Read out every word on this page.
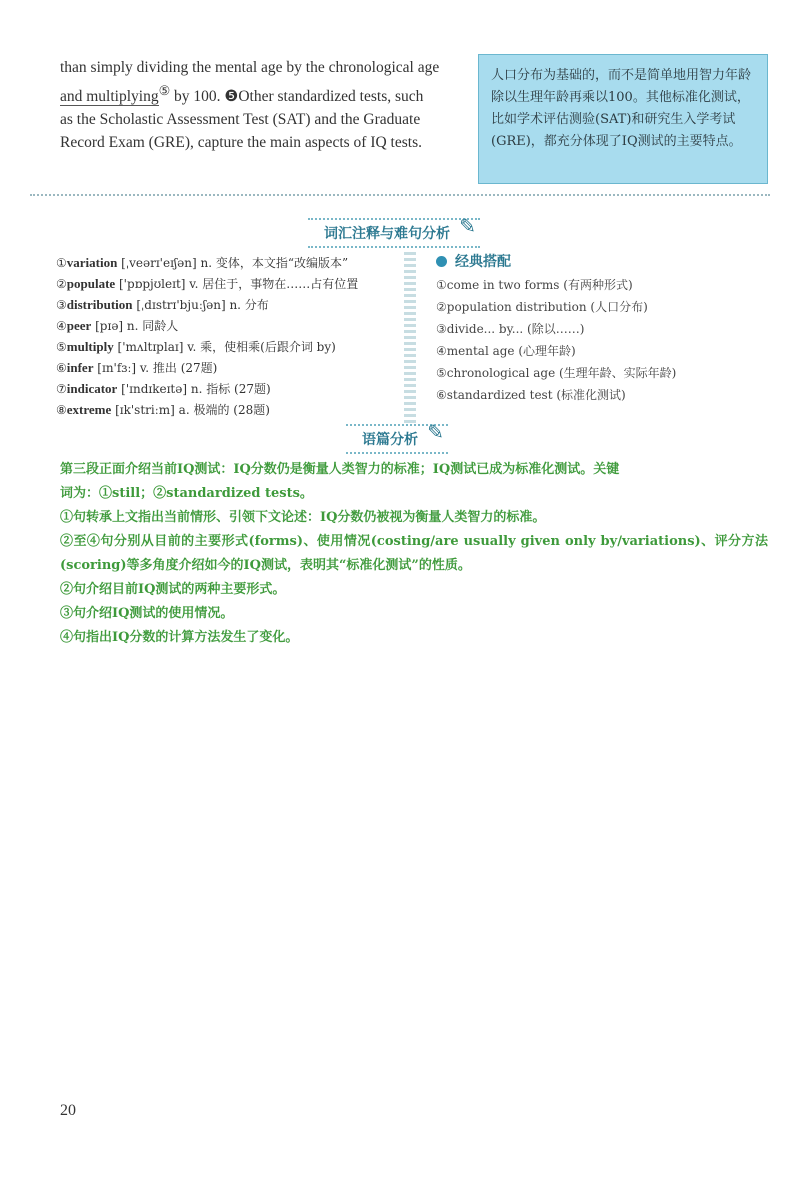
than simply dividing the mental age by the chronological age

and multiplying⑤ by 100. ❺Other standardized tests, such

as the Scholastic Assessment Test (SAT) and the Graduate

Record Exam (GRE), capture the main aspects of IQ tests.

人口分布为基础的，而不是简单地用智力年龄除以生理年龄再乘以100。其他标准化测试，比如学术评估测验(SAT)和研究生入学考试(GRE)，都充分体现了IQ测试的主要特点。
词汇注释与难句分析 ✎
①variation [ˌveərɪ'eɪʃən] n. 变体，本文指“改编版本”
②populate ['pɒpjʊleɪt] v. 居住于，事物在……占有位置
③distribution [ˌdɪstrɪ'bjuːʃən] n. 分布
④peer [pɪə] n. 同龄人
⑤multiply ['mʌltɪplaɪ] v. 乘，使相乘(后跟介词 by)
⑥infer [ɪn'fɜː] v. 推出 (27题)
⑦indicator ['ɪndɪkeɪtə] n. 指标 (27题)
⑧extreme [ɪk'striːm] a. 极端的 (28题)
经典搭配
①come in two forms (有两种形式)
②population distribution (人口分布)
③divide... by... (除以……)
④mental age (心理年龄)
⑤chronological age (生理年龄、实际年龄)
⑥standardized test (标准化测试)
语篇分析 ✎

第三段正面介绍当前IQ测试：IQ分数仍是衡量人类智力的标准；IQ测试已成为标准化测试。关键

词为：①still；②standardized tests。

①句转承上文指出当前情形、引领下文论述：IQ分数仍被视为衡量人类智力的标准。

②至④句分别从目前的主要形式(forms)、使用情况(costing/are usually given only by/variations)、评分方法(scoring)等多角度介绍如今的IQ测试，表明其“标准化测试”的性质。

②句介绍目前IQ测试的两种主要形式。

③句介绍IQ测试的使用情况。

④句指出IQ分数的计算方法发生了变化。

20
